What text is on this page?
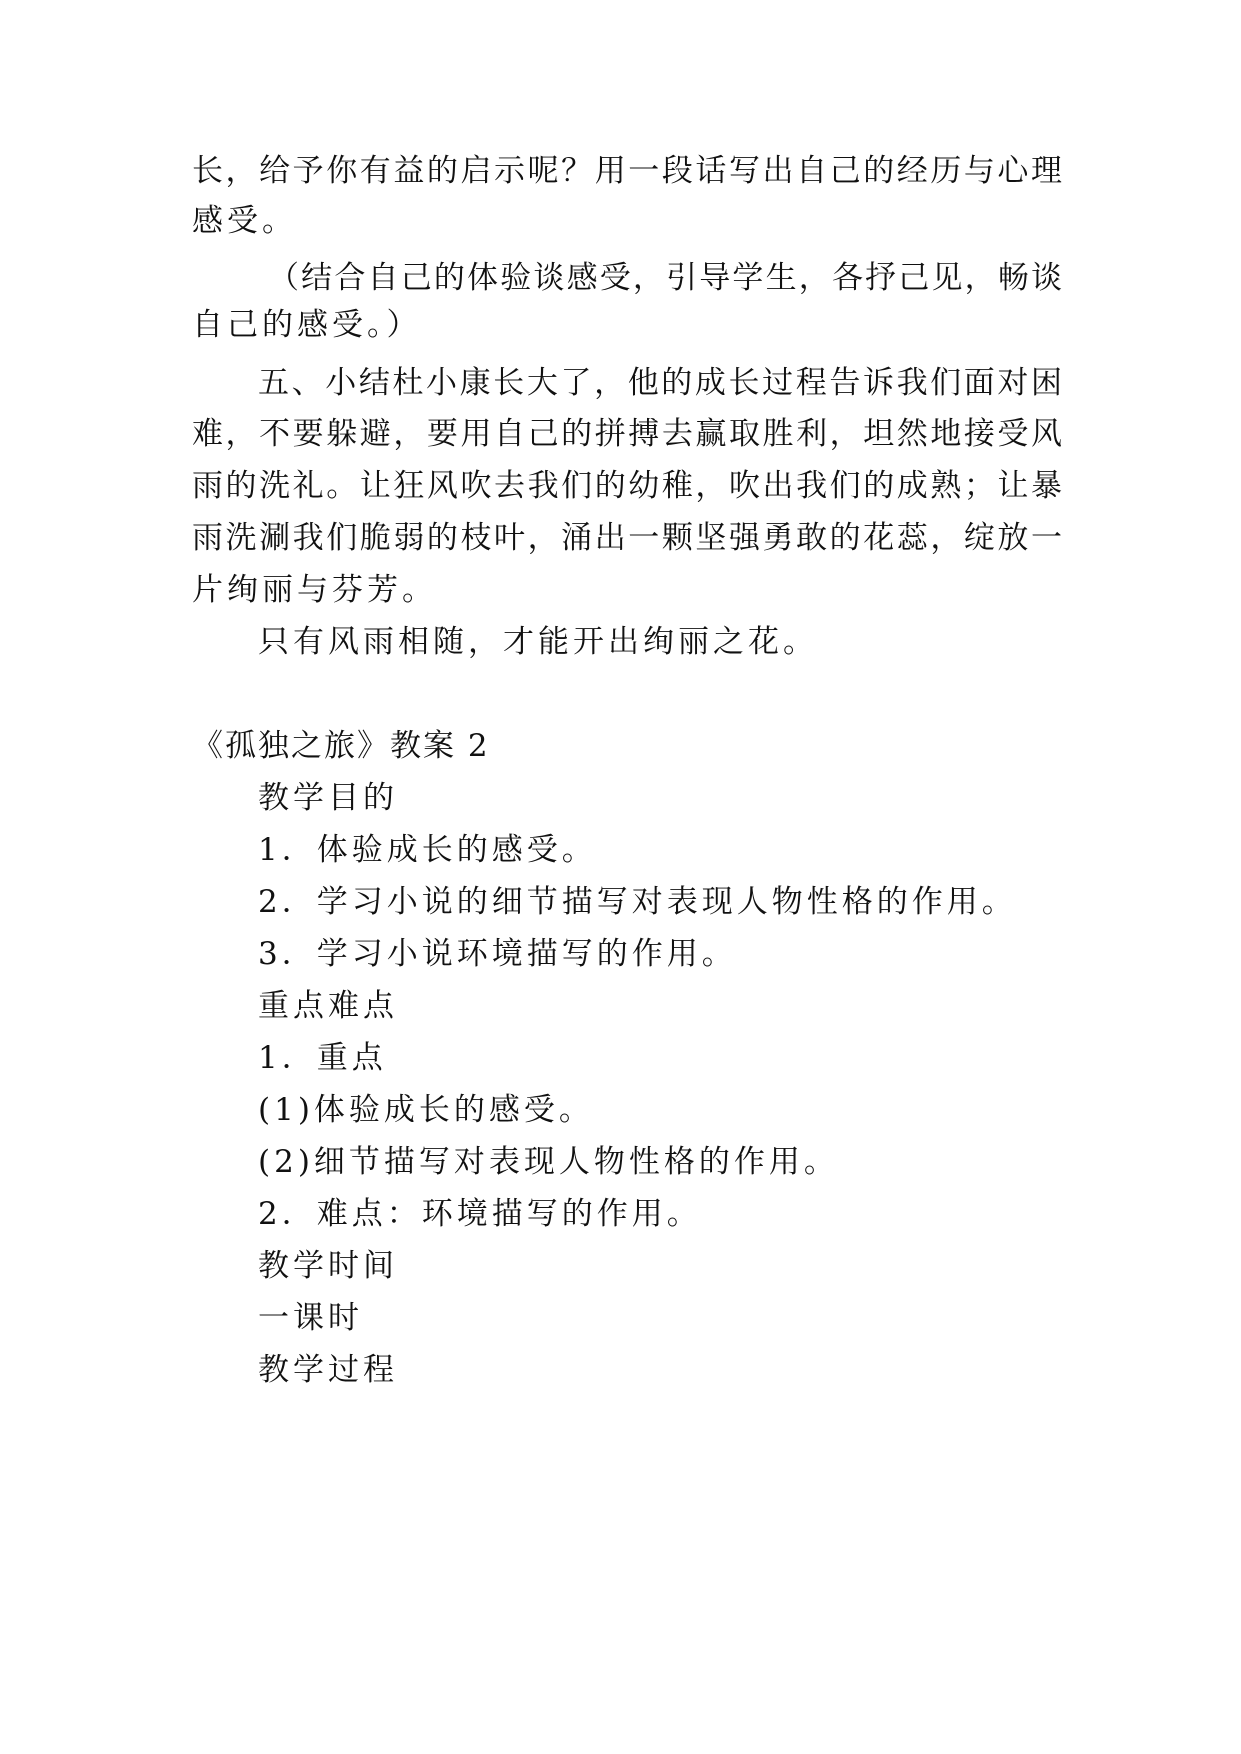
长，给予你有益的启示呢？用一段话写出自己的经历与心理
感受。
（结合自己的体验谈感受，引导学生，各抒己见，畅谈
自己的感受。）
五、小结杜小康长大了，他的成长过程告诉我们面对困
难，不要躲避，要用自己的拼搏去赢取胜利，坦然地接受风
雨的洗礼。让狂风吹去我们的幼稚，吹出我们的成熟；让暴
雨洗涮我们脆弱的枝叶，涌出一颗坚强勇敢的花蕊，绽放一
片绚丽与芬芳。
只有风雨相随，才能开出绚丽之花。
《孤独之旅》教案 2
教学目的
1．体验成长的感受。
2．学习小说的细节描写对表现人物性格的作用。
3．学习小说环境描写的作用。
重点难点
1．重点
(1)体验成长的感受。
(2)细节描写对表现人物性格的作用。
2．难点：环境描写的作用。
教学时间
一课时
教学过程
